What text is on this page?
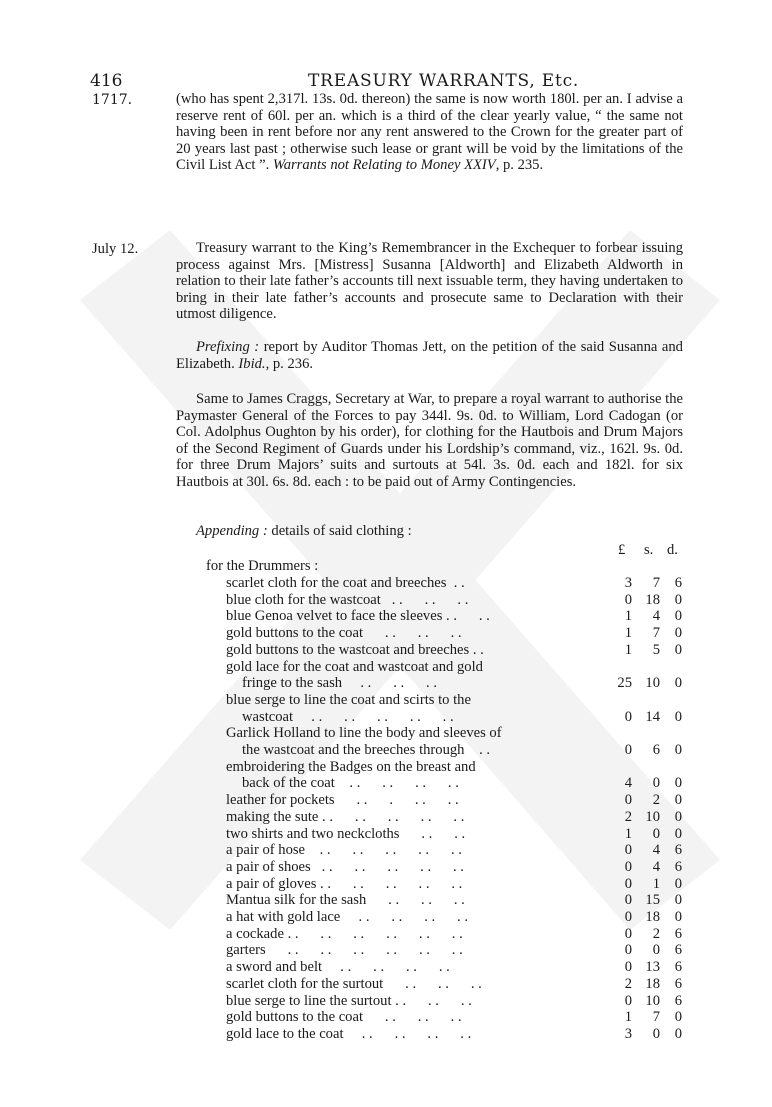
416	TREASURY WARRANTS, Etc.
1717.	(who has spent 2,317l. 13s. 0d. thereon) the same is now worth 180l. per an. I advise a reserve rent of 60l. per an. which is a third of the clear yearly value, “ the same not having been in rent before nor any rent answered to the Crown for the greater part of 20 years last past ; otherwise such lease or grant will be void by the limitations of the Civil List Act ”. Warrants not Relating to Money XXIV, p. 235.

July 12.	Treasury warrant to the King’s Remembrancer in the Exchequer to forbear issuing process against Mrs. [Mistress] Susanna [Aldworth] and Elizabeth Aldworth in relation to their late father’s accounts till next issuable term, they having undertaken to bring in their late father’s accounts and prosecute same to Declaration with their utmost diligence.

Prefixing : report by Auditor Thomas Jett, on the petition of the said Susanna and Elizabeth. Ibid., p. 236.

Same to James Craggs, Secretary at War, to prepare a royal warrant to authorise the Paymaster General of the Forces to pay 344l. 9s. 0d. to William, Lord Cadogan (or Col. Adolphus Oughton by his order), for clothing for the Hautbois and Drum Majors of the Second Regiment of Guards under his Lordship’s command, viz., 162l. 9s. 0d. for three Drum Majors’ suits and surtouts at 54l. 3s. 0d. each and 182l. for six Hautbois at 30l. 6s. 8d. each : to be paid out of Army Contingencies.

Appending : details of said clothing :

£ s. d.
for the Drummers :
scarlet cloth for the coat and breeches  . .	3	7	6
blue cloth for the wastcoat   . .      . .      . .	0 18	0
blue Genoa velvet to face the sleeves . .      . .	1	4	0
gold buttons to the coat      . .      . .      . .	1	7	0
gold buttons to the wastcoat and breeches . .	1	5	0
gold lace for the coat and wastcoat and gold
fringe to the sash     . .      . .      . .	25 10	0
blue serge to line the coat and scirts to the
wastcoat     . .      . .      . .      . .      . .	0 14	0
Garlick Holland to line the body and sleeves of
the wastcoat and the breeches through    . .	0	6	0
embroidering the Badges on the breast and
back of the coat    . .      . .      . .      . .	4	0	0
leather for pockets      . .      .      . .      . .	0	2	0
making the sute . .      . .      . .      . .      . .	2 10	0
two shirts and two neckcloths      . .      . .	1	0	0
a pair of hose    . .      . .      . .      . .      . .	0	4	6
a pair of shoes   . .      . .      . .      . .      . .	0	4	6
a pair of gloves . .      . .      . .      . .      . .	0	1	0
Mantua silk for the sash      . .      . .      . .	0 15	0
a hat with gold lace     . .      . .      . .      . .	0 18	0
a cockade . .      . .      . .      . .      . .      . .	0	2	6
garters      . .      . .      . .      . .      . .      . .	0	0	6
a sword and belt     . .      . .      . .      . .	0 13	6
scarlet cloth for the surtout      . .      . .      . .	2 18	6
blue serge to line the surtout . .      . .      . .	0 10	6
gold buttons to the coat      . .      . .      . .	1	7	0
gold lace to the coat     . .      . .      . .      . .	3	0	0
